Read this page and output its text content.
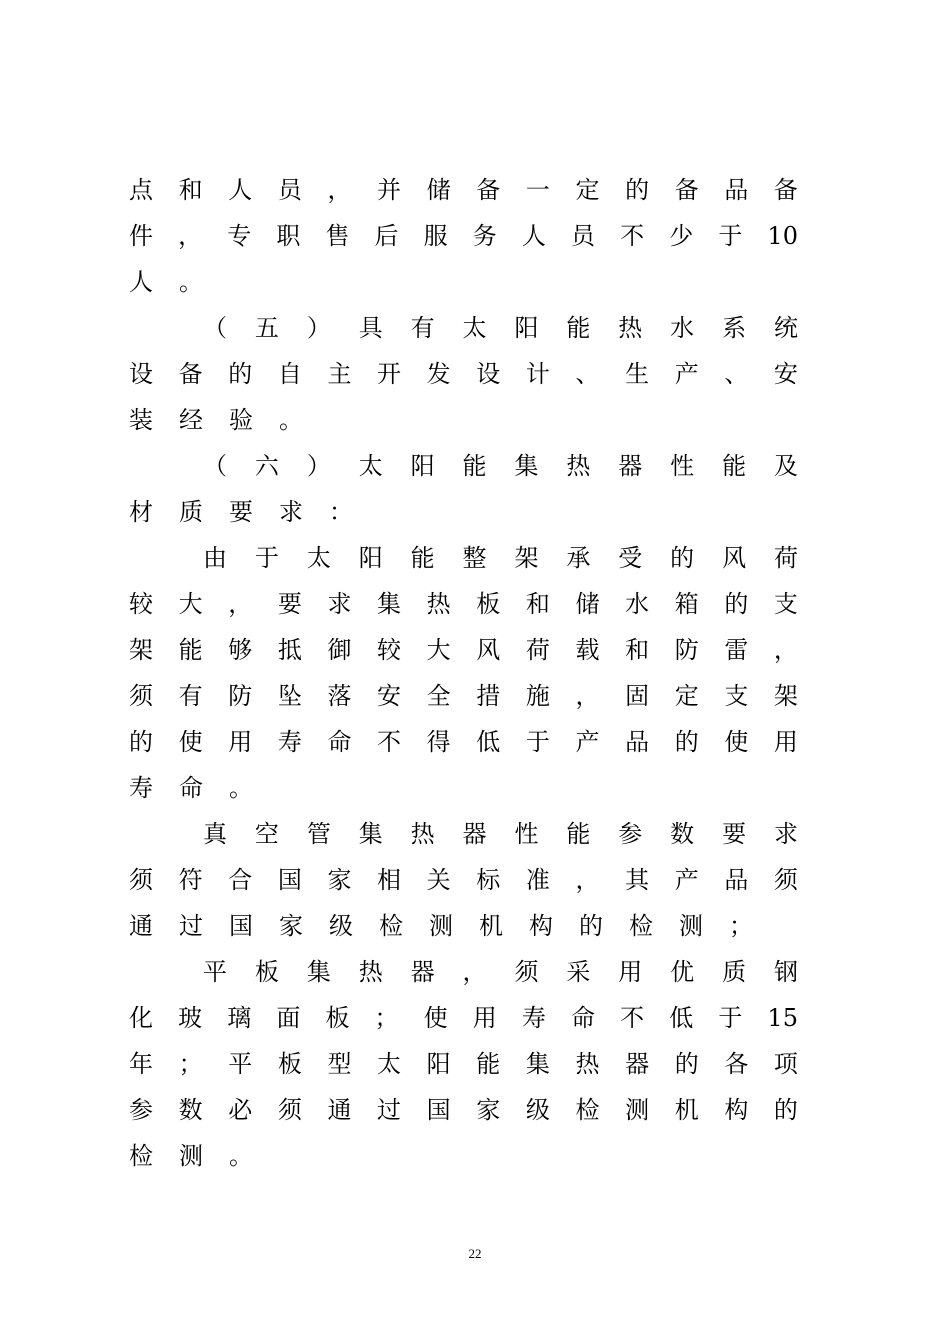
点 和 人 员 ， 并 储 备 一 定 的 备 品 备
件 ， 专 职 售 后 服 务 人 员 不 少 于 10
人 。
（ 五 ） 具 有 太 阳 能 热 水 系 统
设 备 的 自 主 开 发 设 计 、 生 产 、 安
装 经 验 。
（ 六 ） 太 阳 能 集 热 器 性 能 及
材 质 要 求 ：
由 于 太 阳 能 整 架 承 受 的 风 荷
较 大 ， 要 求 集 热 板 和 储 水 箱 的 支
架 能 够 抵 御 较 大 风 荷 载 和 防 雷 ，
须 有 防 坠 落 安 全 措 施 ， 固 定 支 架
的 使 用 寿 命 不 得 低 于 产 品 的 使 用
寿 命 。
真 空 管 集 热 器 性 能 参 数 要 求
须 符 合 国 家 相 关 标 准 ， 其 产 品 须
通 过 国 家 级 检 测 机 构 的 检 测 ；
平 板 集 热 器 ， 须 采 用 优 质 钢
化 玻 璃 面 板 ； 使 用 寿 命 不 低 于 15
年 ； 平 板 型 太 阳 能 集 热 器 的 各 项
参 数 必 须 通 过 国 家 级 检 测 机 构 的
检 测 。
22
